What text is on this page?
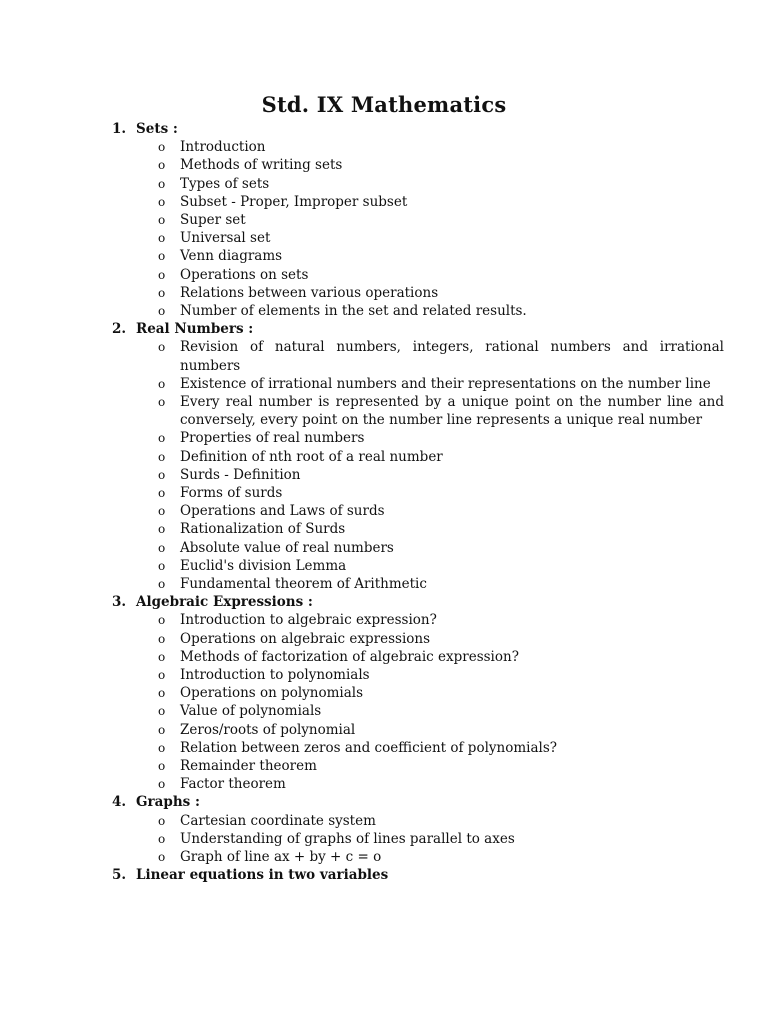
Std. IX Mathematics
1. Sets :
o	Introduction
o	Methods of writing sets
o	Types of sets
o	Subset - Proper, Improper subset
o	Super set
o	Universal set
o	Venn diagrams
o	Operations on sets
o	Relations between various operations
o	Number of elements in the set and related results.
2. Real Numbers :
o	Revision of natural numbers, integers, rational numbers and irrational numbers
o	Existence of irrational numbers and their representations on the number line
o	Every real number is represented by a unique point on the number line and conversely, every point on the number line represents a unique real number
o	Properties of real numbers
o	Definition of nth root of a real number
o	Surds - Definition
o	Forms of surds
o	Operations and Laws of surds
o	Rationalization of Surds
o	Absolute value of real numbers
o	Euclid's division Lemma
o	Fundamental theorem of Arithmetic
3. Algebraic Expressions :
o	Introduction to algebraic expression?
o	Operations on algebraic expressions
o	Methods of factorization of algebraic expression?
o	Introduction to polynomials
o	Operations on polynomials
o	Value of polynomials
o	Zeros/roots of polynomial
o	Relation between zeros and coefficient of polynomials?
o	Remainder theorem
o	Factor theorem
4. Graphs :
o	Cartesian coordinate system
o	Understanding of graphs of lines parallel to axes
o	Graph of line ax + by + c = o
5. Linear equations in two variables
